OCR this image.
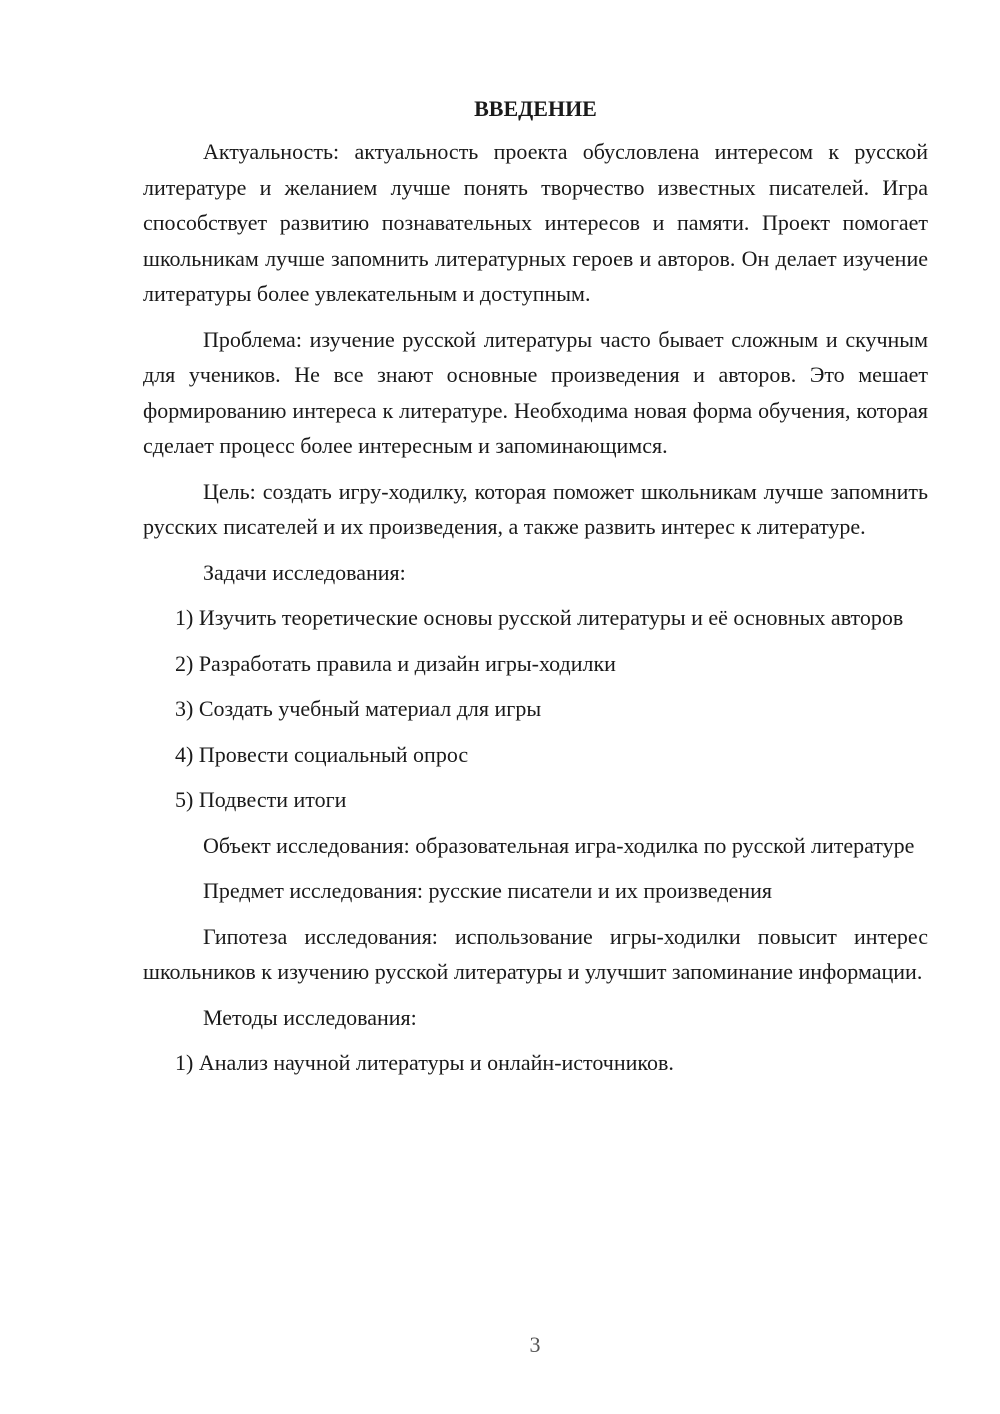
ВВЕДЕНИЕ

Актуальность: актуальность проекта обусловлена интересом к русской литературе и желанием лучше понять творчество известных писателей. Игра способствует развитию познавательных интересов и памяти. Проект помогает школьникам лучше запомнить литературных героев и авторов. Он делает изучение литературы более увлекательным и доступным.

Проблема: изучение русской литературы часто бывает сложным и скучным для учеников. Не все знают основные произведения и авторов. Это мешает формированию интереса к литературе. Необходима новая форма обучения, которая сделает процесс более интересным и запоминающимся.

Цель: создать игру-ходилку, которая поможет школьникам лучше запомнить русских писателей и их произведения, а также развить интерес к литературе.

Задачи исследования:

1) Изучить теоретические основы русской литературы и её основных авторов

2) Разработать правила и дизайн игры-ходилки

3) Создать учебный материал для игры

4) Провести социальный опрос

5) Подвести итоги

Объект исследования: образовательная игра-ходилка по русской литературе

Предмет исследования: русские писатели и их произведения

Гипотеза исследования: использование игры-ходилки повысит интерес школьников к изучению русской литературы и улучшит запоминание информации.

Методы исследования:

1) Анализ научной литературы и онлайн-источников.

3
